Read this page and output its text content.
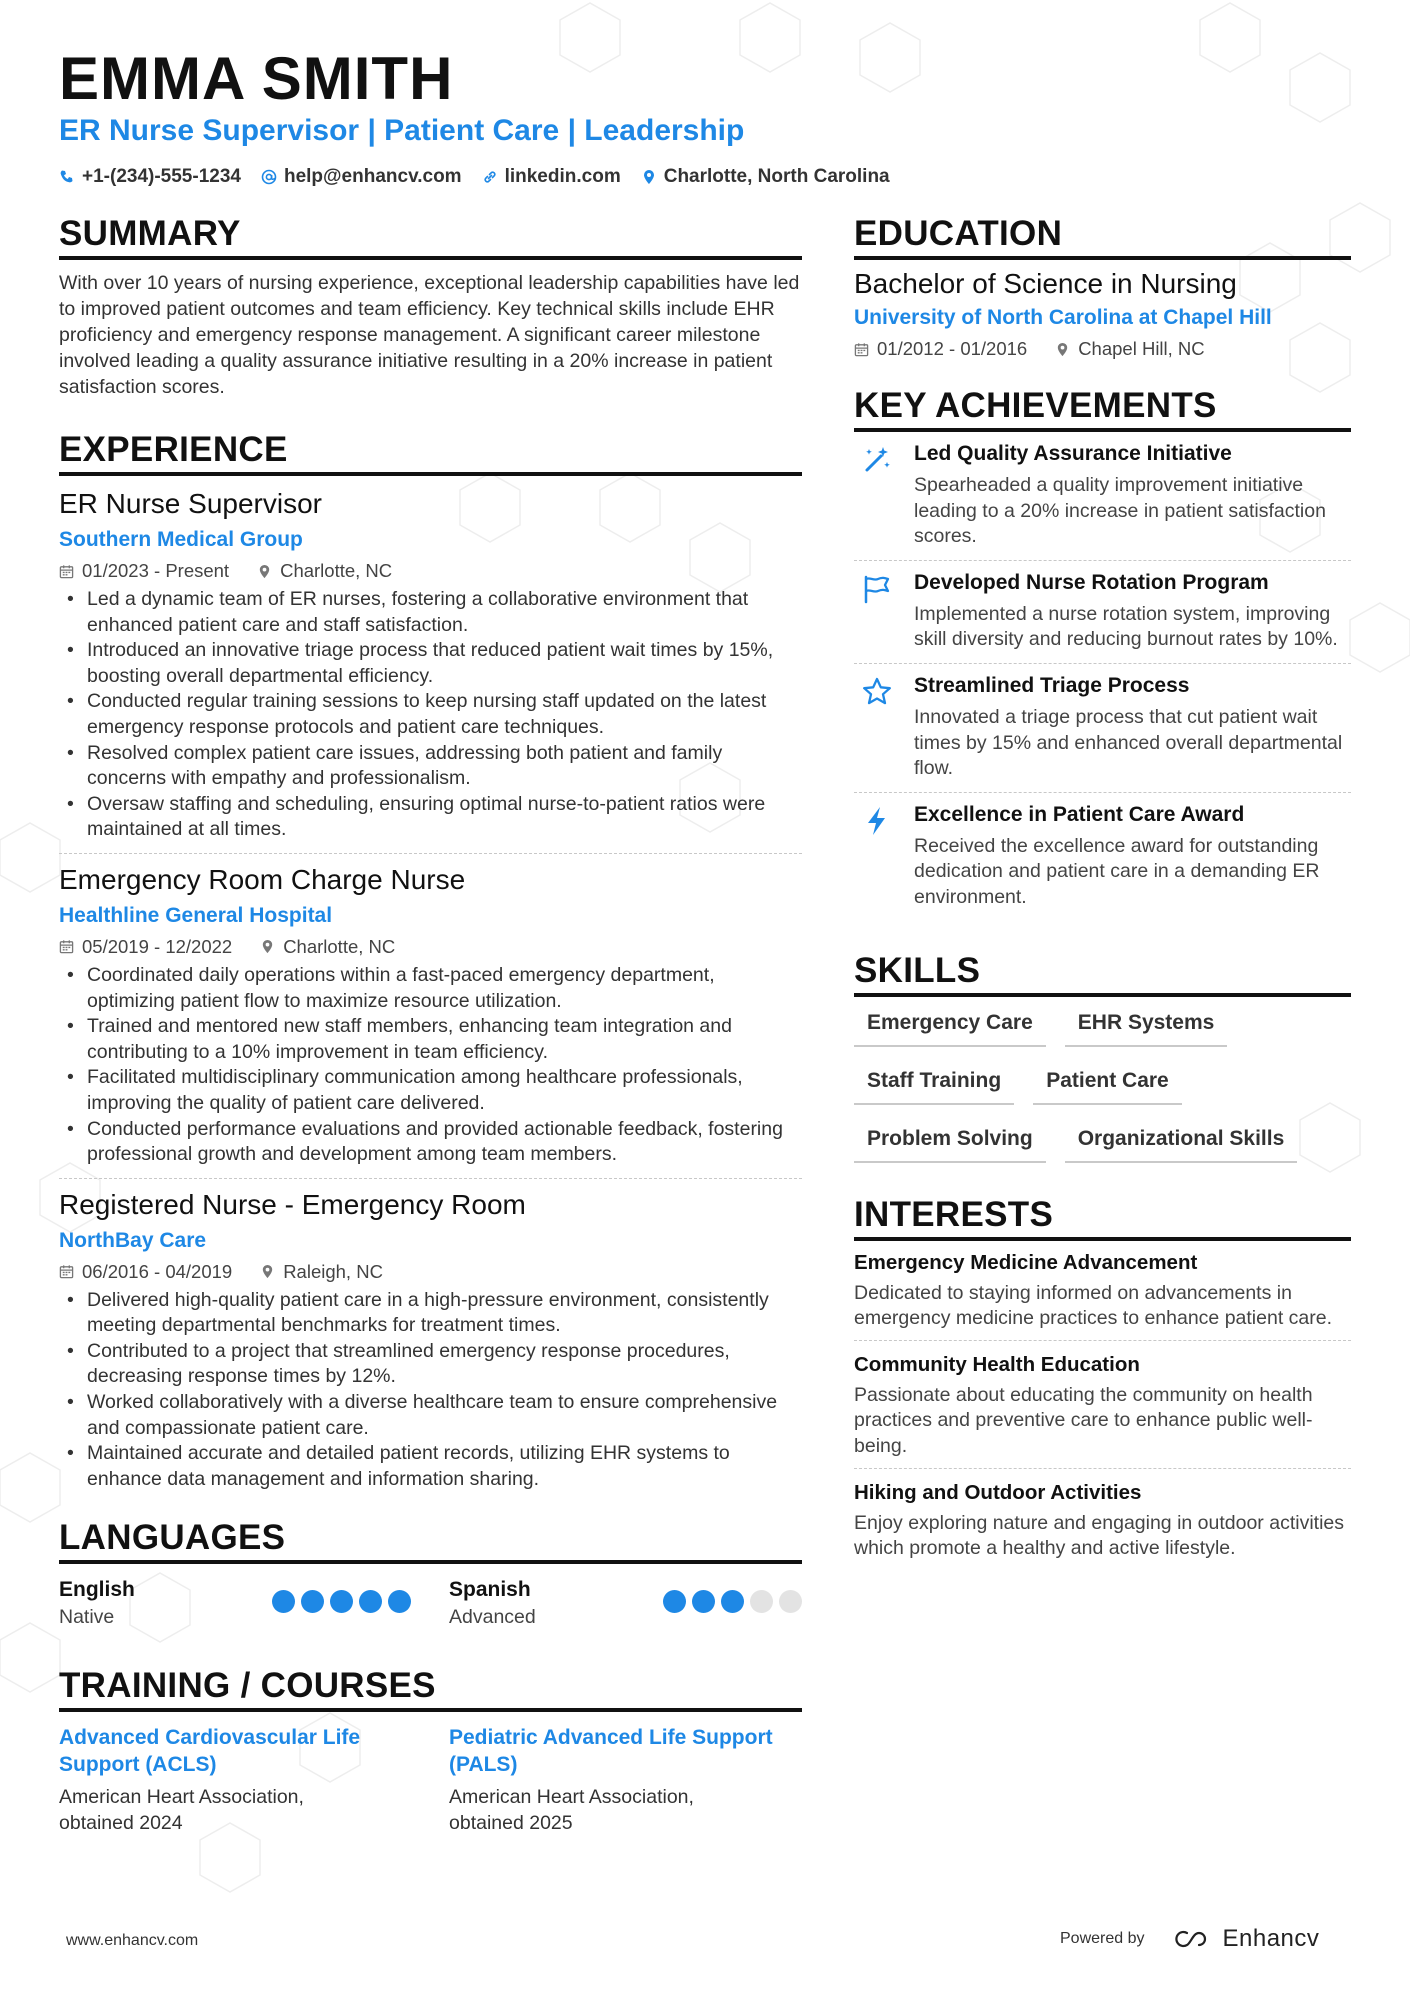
EMMA SMITH
ER Nurse Supervisor | Patient Care | Leadership
+1-(234)-555-1234 help@enhancv.com linkedin.com Charlotte, North Carolina
SUMMARY

With over 10 years of nursing experience, exceptional leadership capabilities have led to improved patient outcomes and team efficiency. Key technical skills include EHR proficiency and emergency response management. A significant career milestone involved leading a quality assurance initiative resulting in a 20% increase in patient satisfaction scores.

EXPERIENCE
ER Nurse Supervisor
Southern Medical Group
01/2023 - Present	Charlotte, NC
• Led a dynamic team of ER nurses, fostering a collaborative environment that enhanced patient care and staff satisfaction.
• Introduced an innovative triage process that reduced patient wait times by 15%, boosting overall departmental efficiency.
• Conducted regular training sessions to keep nursing staff updated on the latest emergency response protocols and patient care techniques.
• Resolved complex patient care issues, addressing both patient and family concerns with empathy and professionalism.
• Oversaw staffing and scheduling, ensuring optimal nurse-to-patient ratios were maintained at all times.
Emergency Room Charge Nurse
Healthline General Hospital
05/2019 - 12/2022	Charlotte, NC
• Coordinated daily operations within a fast-paced emergency department, optimizing patient flow to maximize resource utilization.
• Trained and mentored new staff members, enhancing team integration and contributing to a 10% improvement in team efficiency.
• Facilitated multidisciplinary communication among healthcare professionals, improving the quality of patient care delivered.
• Conducted performance evaluations and provided actionable feedback, fostering professional growth and development among team members.
Registered Nurse - Emergency Room
NorthBay Care
06/2016 - 04/2019	Raleigh, NC
• Delivered high-quality patient care in a high-pressure environment, consistently meeting departmental benchmarks for treatment times.
• Contributed to a project that streamlined emergency response procedures, decreasing response times by 12%.
• Worked collaboratively with a diverse healthcare team to ensure comprehensive and compassionate patient care.
• Maintained accurate and detailed patient records, utilizing EHR systems to enhance data management and information sharing.
LANGUAGES
English
Native
Spanish
Advanced
TRAINING / COURSES
Advanced Cardiovascular Life Support (ACLS)
American Heart Association, obtained 2024
Pediatric Advanced Life Support (PALS)
American Heart Association, obtained 2025
EDUCATION
Bachelor of Science in Nursing
University of North Carolina at Chapel Hill
01/2012 - 01/2016	Chapel Hill, NC
KEY ACHIEVEMENTS
Led Quality Assurance Initiative
Spearheaded a quality improvement initiative leading to a 20% increase in patient satisfaction scores.
Developed Nurse Rotation Program
Implemented a nurse rotation system, improving skill diversity and reducing burnout rates by 10%.
Streamlined Triage Process
Innovated a triage process that cut patient wait times by 15% and enhanced overall departmental flow.
Excellence in Patient Care Award
Received the excellence award for outstanding dedication and patient care in a demanding ER environment.
SKILLS
Emergency Care	EHR Systems
Staff Training	Patient Care
Problem Solving	Organizational Skills
INTERESTS
Emergency Medicine Advancement
Dedicated to staying informed on advancements in emergency medicine practices to enhance patient care.
Community Health Education
Passionate about educating the community on health practices and preventive care to enhance public well-being.
Hiking and Outdoor Activities
Enjoy exploring nature and engaging in outdoor activities which promote a healthy and active lifestyle.
www.enhancv.com	Powered by	Enhancv
